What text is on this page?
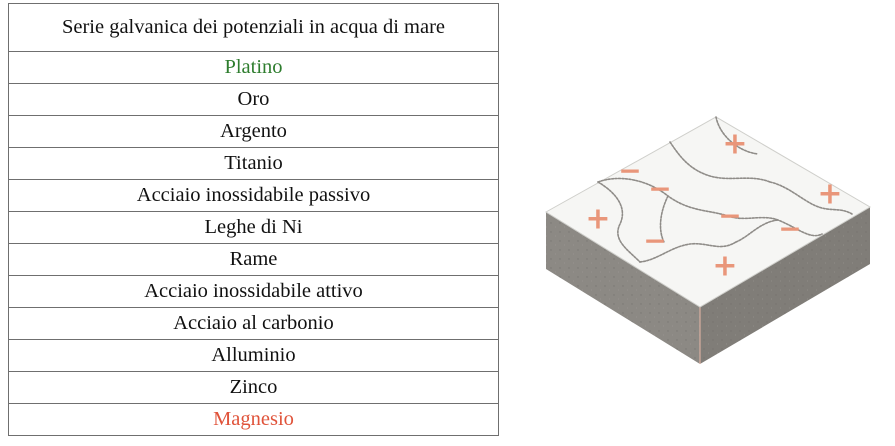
Serie galvanica dei potenziali in acqua di mare
Platino
Oro
Argento
Titanio
Acciaio inossidabile passivo
Leghe di Ni
Rame
Acciaio inossidabile attivo
Acciaio al carbonio
Alluminio
Zinco
Magnesio
+
+
+
+
−
−
−	−
−
